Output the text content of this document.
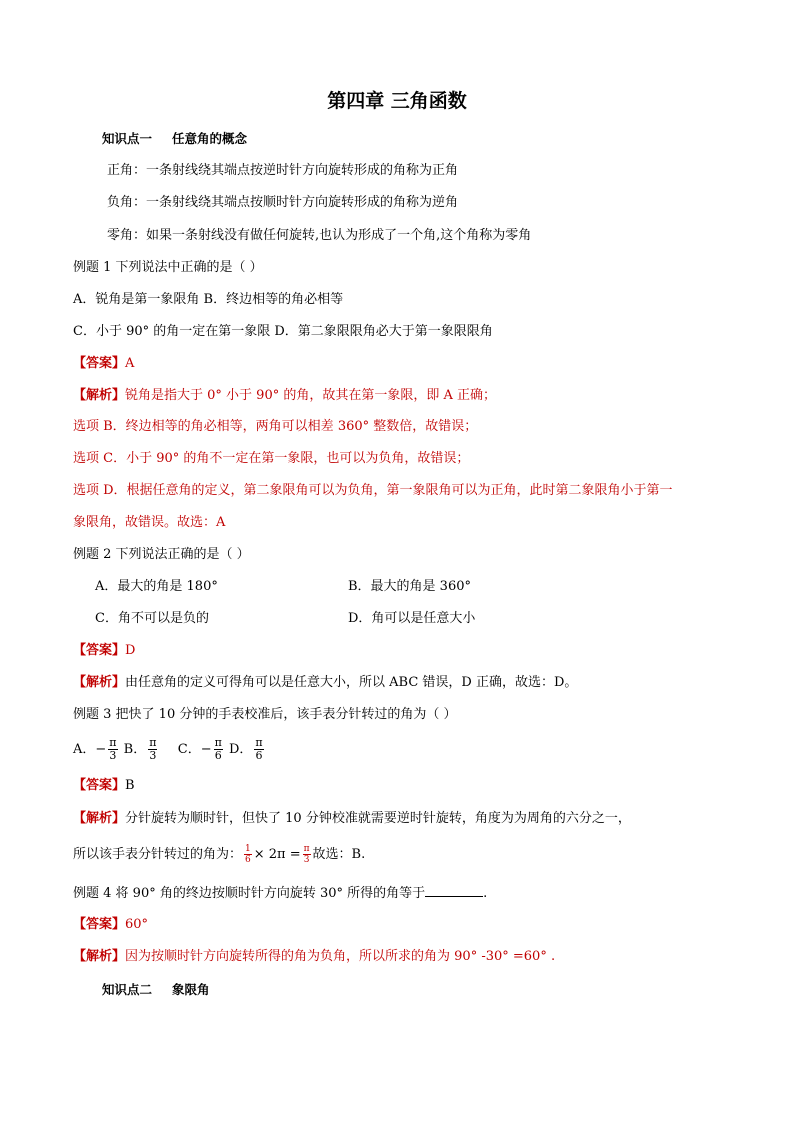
第四章 三角函数
知识点一 任意角的概念
正角：一条射线绕其端点按逆时针方向旋转形成的角称为正角
负角：一条射线绕其端点按顺时针方向旋转形成的角称为逆角
零角：如果一条射线没有做任何旋转,也认为形成了一个角,这个角称为零角
例题 1 下列说法中正确的是（ ）
A．锐角是第一象限角 B．终边相等的角必相等
C．小于 90° 的角一定在第一象限 D．第二象限限角必大于第一象限限角
【答案】A
【解析】锐角是指大于 0° 小于 90° 的角，故其在第一象限，即 A 正确；
选项 B．终边相等的角必相等，两角可以相差 360° 整数倍，故错误；
选项 C．小于 90° 的角不一定在第一象限，也可以为负角，故错误；
选项 D．根据任意角的定义，第二象限角可以为负角，第一象限角可以为正角，此时第二象限角小于第一
象限角，故错误。故选：A
例题 2 下列说法正确的是（ ）
A．最大的角是 180°	B．最大的角是 360°
C．角不可以是负的	D．角可以是任意大小
【答案】D
【解析】由任意角的定义可得角可以是任意大小，所以 ABC 错误，D 正确，故选：D。
例题 3 把快了 10 分钟的手表校准后，该手表分针转过的角为（ ）
A．− $\frac{\pi}{3}$ B． $\frac{\pi}{3}$ C．− $\frac{\pi}{6}$ D． $\frac{\pi}{6}$
【答案】B
【解析】分针旋转为顺时针，但快了 10 分钟校准就需要逆时针旋转，角度为为周角的六分之一，
所以该手表分针转过的角为： $\frac{1}{6} \times 2\pi = \frac{\pi}{3}$ 故选：B.
例题 4 将 90° 角的终边按顺时针方向旋转 30° 所得的角等于	.
【答案】60°
【解析】因为按顺时针方向旋转所得的角为负角，所以所求的角为 90° -30° =60° .
知识点二 象限角
